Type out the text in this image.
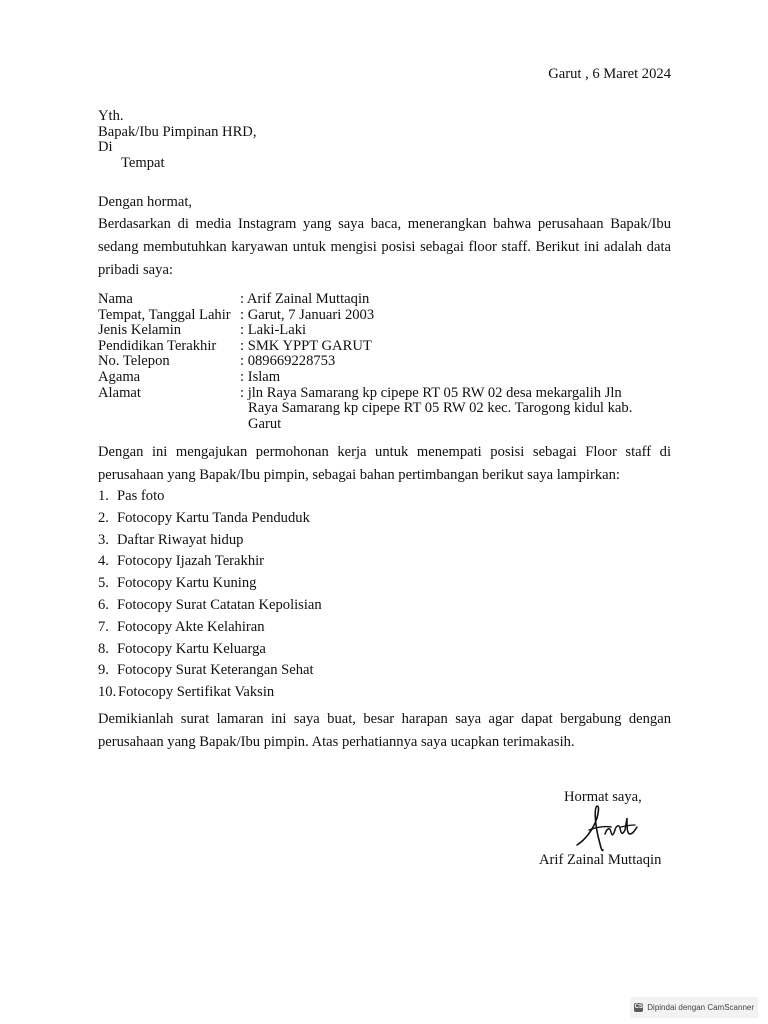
Garut , 6 Maret 2024
Yth.
Bapak/Ibu Pimpinan HRD,
Di
Tempat
Dengan hormat,
Berdasarkan di media Instagram yang saya baca, menerangkan bahwa perusahaan Bapak/Ibu sedang membutuhkan karyawan untuk mengisi posisi sebagai floor staff. Berikut ini adalah data pribadi saya:
Nama	: Arif Zainal Muttaqin
Tempat, Tanggal Lahir : Garut, 7 Januari 2003
Jenis Kelamin	: Laki-Laki
Pendidikan Terakhir	: SMK YPPT GARUT
No. Telepon	: 089669228753
Agama	: Islam
Alamat	: jln Raya Samarang kp cipepe RT 05 RW 02 desa mekargalih Jln
Raya Samarang kp cipepe RT 05 RW 02 kec. Tarogong kidul kab.
Garut
Dengan ini mengajukan permohonan kerja untuk menempati posisi sebagai Floor staff di perusahaan yang Bapak/Ibu pimpin, sebagai bahan pertimbangan berikut saya lampirkan:
1. Pas foto
2. Fotocopy Kartu Tanda Penduduk
3. Daftar Riwayat hidup
4. Fotocopy Ijazah Terakhir
5. Fotocopy Kartu Kuning
6. Fotocopy Surat Catatan Kepolisian
7. Fotocopy Akte Kelahiran
8. Fotocopy Kartu Keluarga
9. Fotocopy Surat Keterangan Sehat
10. Fotocopy Sertifikat Vaksin
Demikianlah surat lamaran ini saya buat, besar harapan saya agar dapat bergabung dengan perusahaan yang Bapak/Ibu pimpin. Atas perhatiannya saya ucapkan terimakasih.
Hormat saya,
Arif Zainal Muttaqin
CS Dipindai dengan CamScanner
